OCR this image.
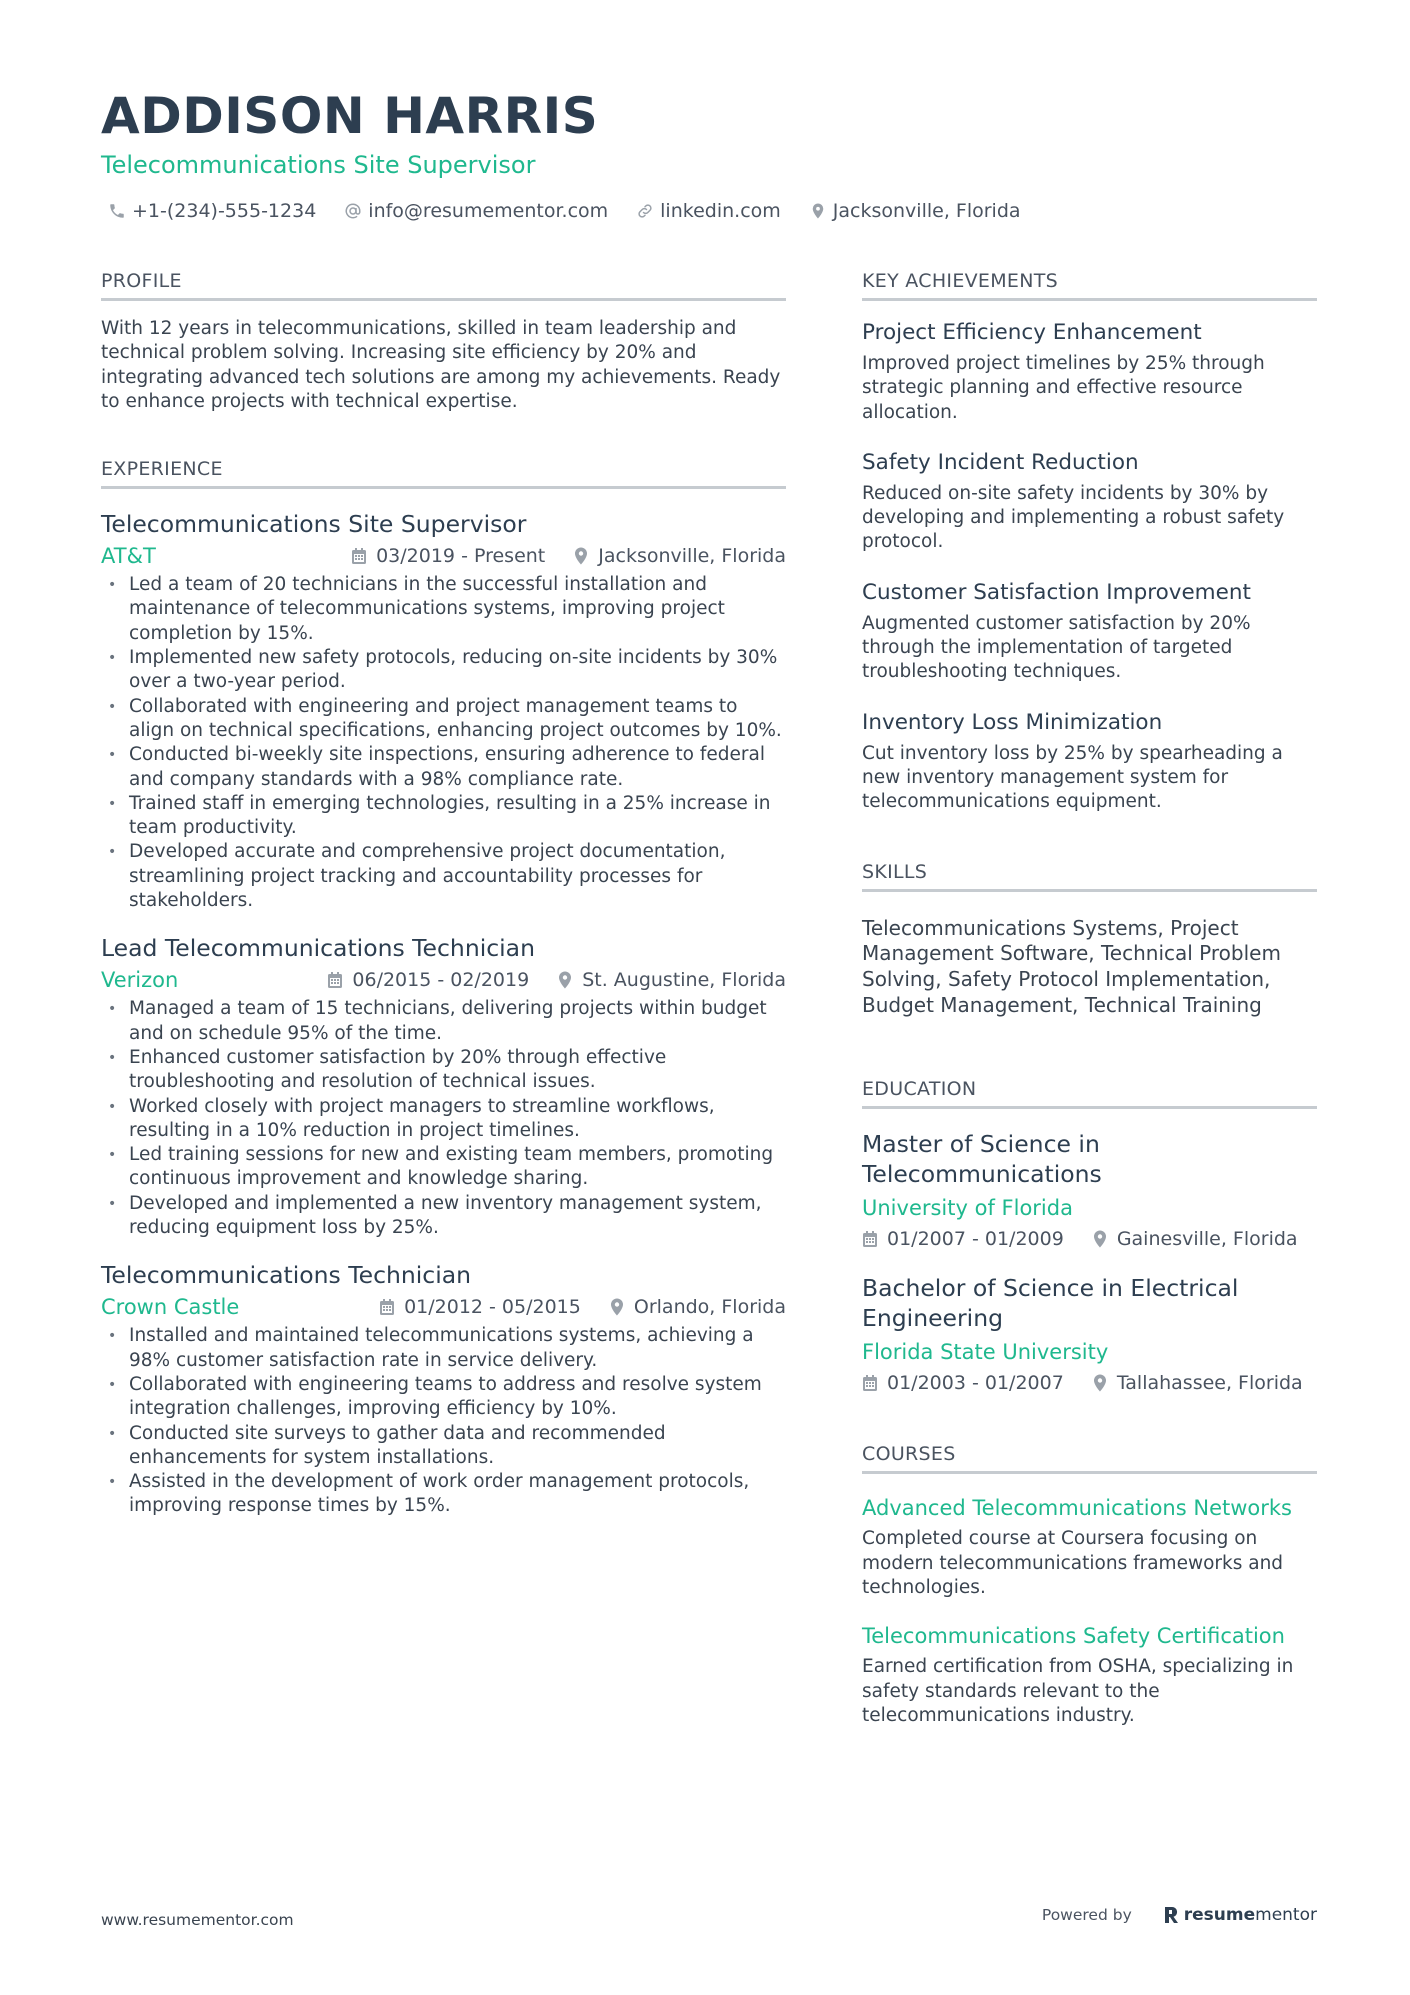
ADDISON HARRIS
Telecommunications Site Supervisor
+1-(234)-555-1234	info@resumementor.com	linkedin.com	Jacksonville, Florida
PROFILE
With 12 years in telecommunications, skilled in team leadership and technical problem solving. Increasing site efficiency by 20% and integrating advanced tech solutions are among my achievements. Ready to enhance projects with technical expertise.
EXPERIENCE
Telecommunications Site Supervisor
AT&T	03/2019 - Present	Jacksonville, Florida
• Led a team of 20 technicians in the successful installation and maintenance of telecommunications systems, improving project completion by 15%.
• Implemented new safety protocols, reducing on-site incidents by 30% over a two-year period.
• Collaborated with engineering and project management teams to align on technical specifications, enhancing project outcomes by 10%.
• Conducted bi-weekly site inspections, ensuring adherence to federal and company standards with a 98% compliance rate.
• Trained staff in emerging technologies, resulting in a 25% increase in team productivity.
• Developed accurate and comprehensive project documentation, streamlining project tracking and accountability processes for stakeholders.
Lead Telecommunications Technician
Verizon	06/2015 - 02/2019	St. Augustine, Florida
• Managed a team of 15 technicians, delivering projects within budget and on schedule 95% of the time.
• Enhanced customer satisfaction by 20% through effective troubleshooting and resolution of technical issues.
• Worked closely with project managers to streamline workflows, resulting in a 10% reduction in project timelines.
• Led training sessions for new and existing team members, promoting continuous improvement and knowledge sharing.
• Developed and implemented a new inventory management system, reducing equipment loss by 25%.
Telecommunications Technician
Crown Castle	01/2012 - 05/2015	Orlando, Florida
• Installed and maintained telecommunications systems, achieving a 98% customer satisfaction rate in service delivery.
• Collaborated with engineering teams to address and resolve system integration challenges, improving efficiency by 10%.
• Conducted site surveys to gather data and recommended enhancements for system installations.
• Assisted in the development of work order management protocols, improving response times by 15%.
KEY ACHIEVEMENTS
Project Efficiency Enhancement
Improved project timelines by 25% through strategic planning and effective resource allocation.
Safety Incident Reduction
Reduced on-site safety incidents by 30% by developing and implementing a robust safety protocol.
Customer Satisfaction Improvement
Augmented customer satisfaction by 20% through the implementation of targeted troubleshooting techniques.
Inventory Loss Minimization
Cut inventory loss by 25% by spearheading a new inventory management system for telecommunications equipment.
SKILLS
Telecommunications Systems, Project Management Software, Technical Problem Solving, Safety Protocol Implementation, Budget Management, Technical Training
EDUCATION
Master of Science in Telecommunications
University of Florida
01/2007 - 01/2009	Gainesville, Florida
Bachelor of Science in Electrical Engineering
Florida State University
01/2003 - 01/2007	Tallahassee, Florida
COURSES
Advanced Telecommunications Networks
Completed course at Coursera focusing on modern telecommunications frameworks and technologies.
Telecommunications Safety Certification
Earned certification from OSHA, specializing in safety standards relevant to the telecommunications industry.
www.resumementor.com	Powered by	resume mentor
